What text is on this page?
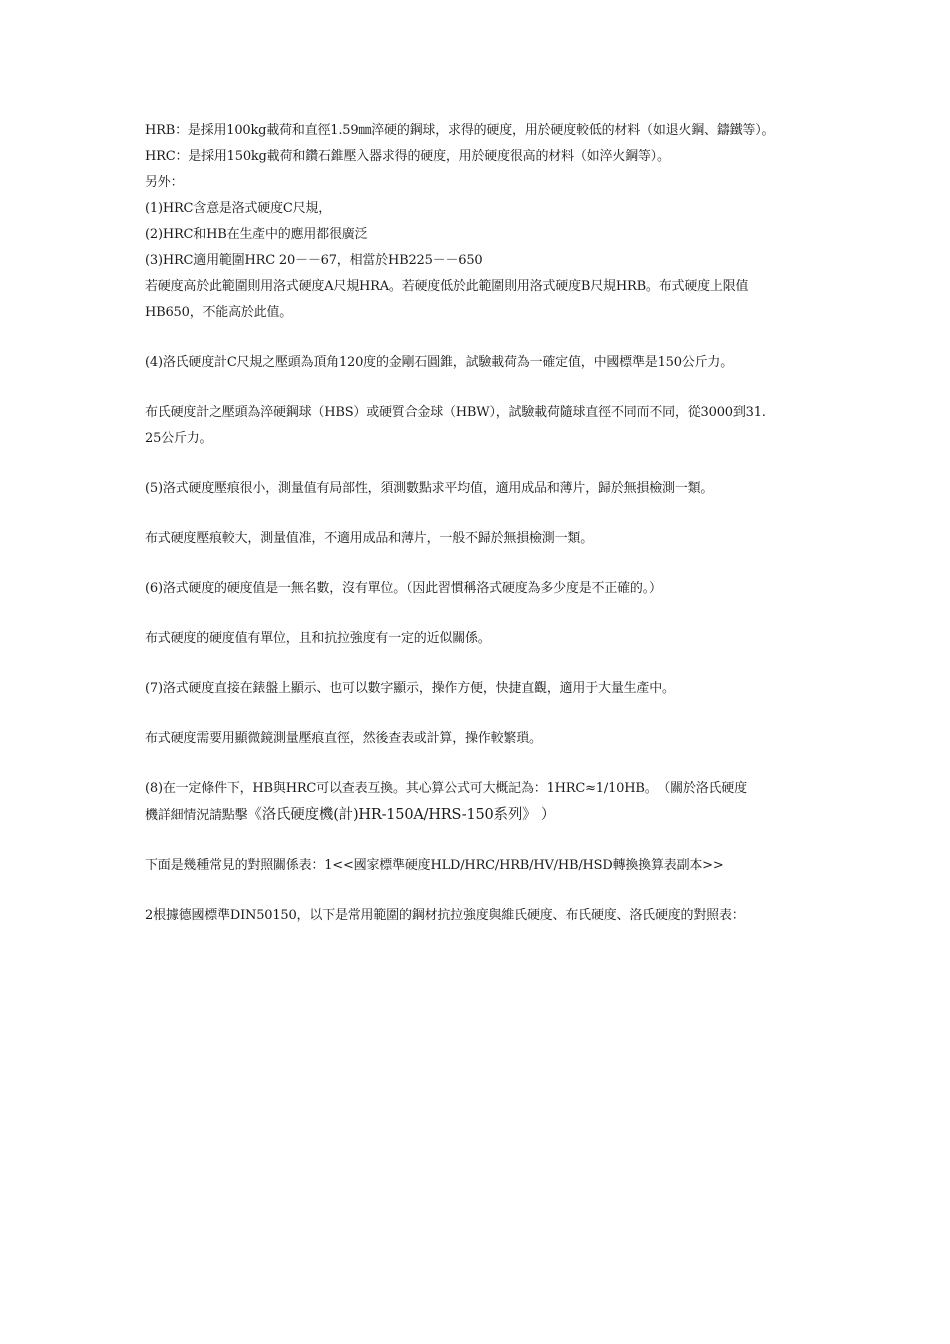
HRB：是採用100kg載荷和直徑1.59㎜淬硬的鋼球，求得的硬度，用於硬度較低的材料（如退火鋼、鑄鐵等）。
HRC：是採用150kg載荷和鑽石錐壓入器求得的硬度，用於硬度很高的材料（如淬火鋼等）。
另外：
(1)HRC含意是洛式硬度C尺規，
(2)HRC和HB在生產中的應用都很廣泛
(3)HRC適用範圍HRC 20－－67，相當於HB225－－650
若硬度高於此範圍則用洛式硬度A尺規HRA。若硬度低於此範圍則用洛式硬度B尺規HRB。布式硬度上限值
HB650，不能高於此值。
(4)洛氏硬度計C尺規之壓頭為頂角120度的金剛石圓錐，試驗載荷為一確定值，中國標準是150公斤力。
布氏硬度計之壓頭為淬硬鋼球（HBS）或硬質合金球（HBW），試驗載荷隨球直徑不同而不同，從3000到31.
25公斤力。
(5)洛式硬度壓痕很小，測量值有局部性，須測數點求平均值，適用成品和薄片，歸於無損檢測一類。
布式硬度壓痕較大，測量值准，不適用成品和薄片，一般不歸於無損檢測一類。
(6)洛式硬度的硬度值是一無名數，沒有單位。（因此習慣稱洛式硬度為多少度是不正確的。）
布式硬度的硬度值有單位，且和抗拉強度有一定的近似關係。
(7)洛式硬度直接在錶盤上顯示、也可以數字顯示，操作方便，快捷直觀，適用于大量生產中。
布式硬度需要用顯微鏡測量壓痕直徑，然後查表或計算，操作較繁瑣。
(8)在一定條件下，HB與HRC可以查表互換。其心算公式可大概記為：1HRC≈1/10HB。　（關於洛氏硬度
機詳細情況請點擊《洛氏硬度機(計)HR-150A/HRS-150系列》 ）
下面是幾種常見的對照關係表：1<<國家標準硬度HLD/HRC/HRB/HV/HB/HSD轉換換算表副本>>
2根據德國標準DIN50150，以下是常用範圍的鋼材抗拉強度與維氏硬度、布氏硬度、洛氏硬度的對照表：
